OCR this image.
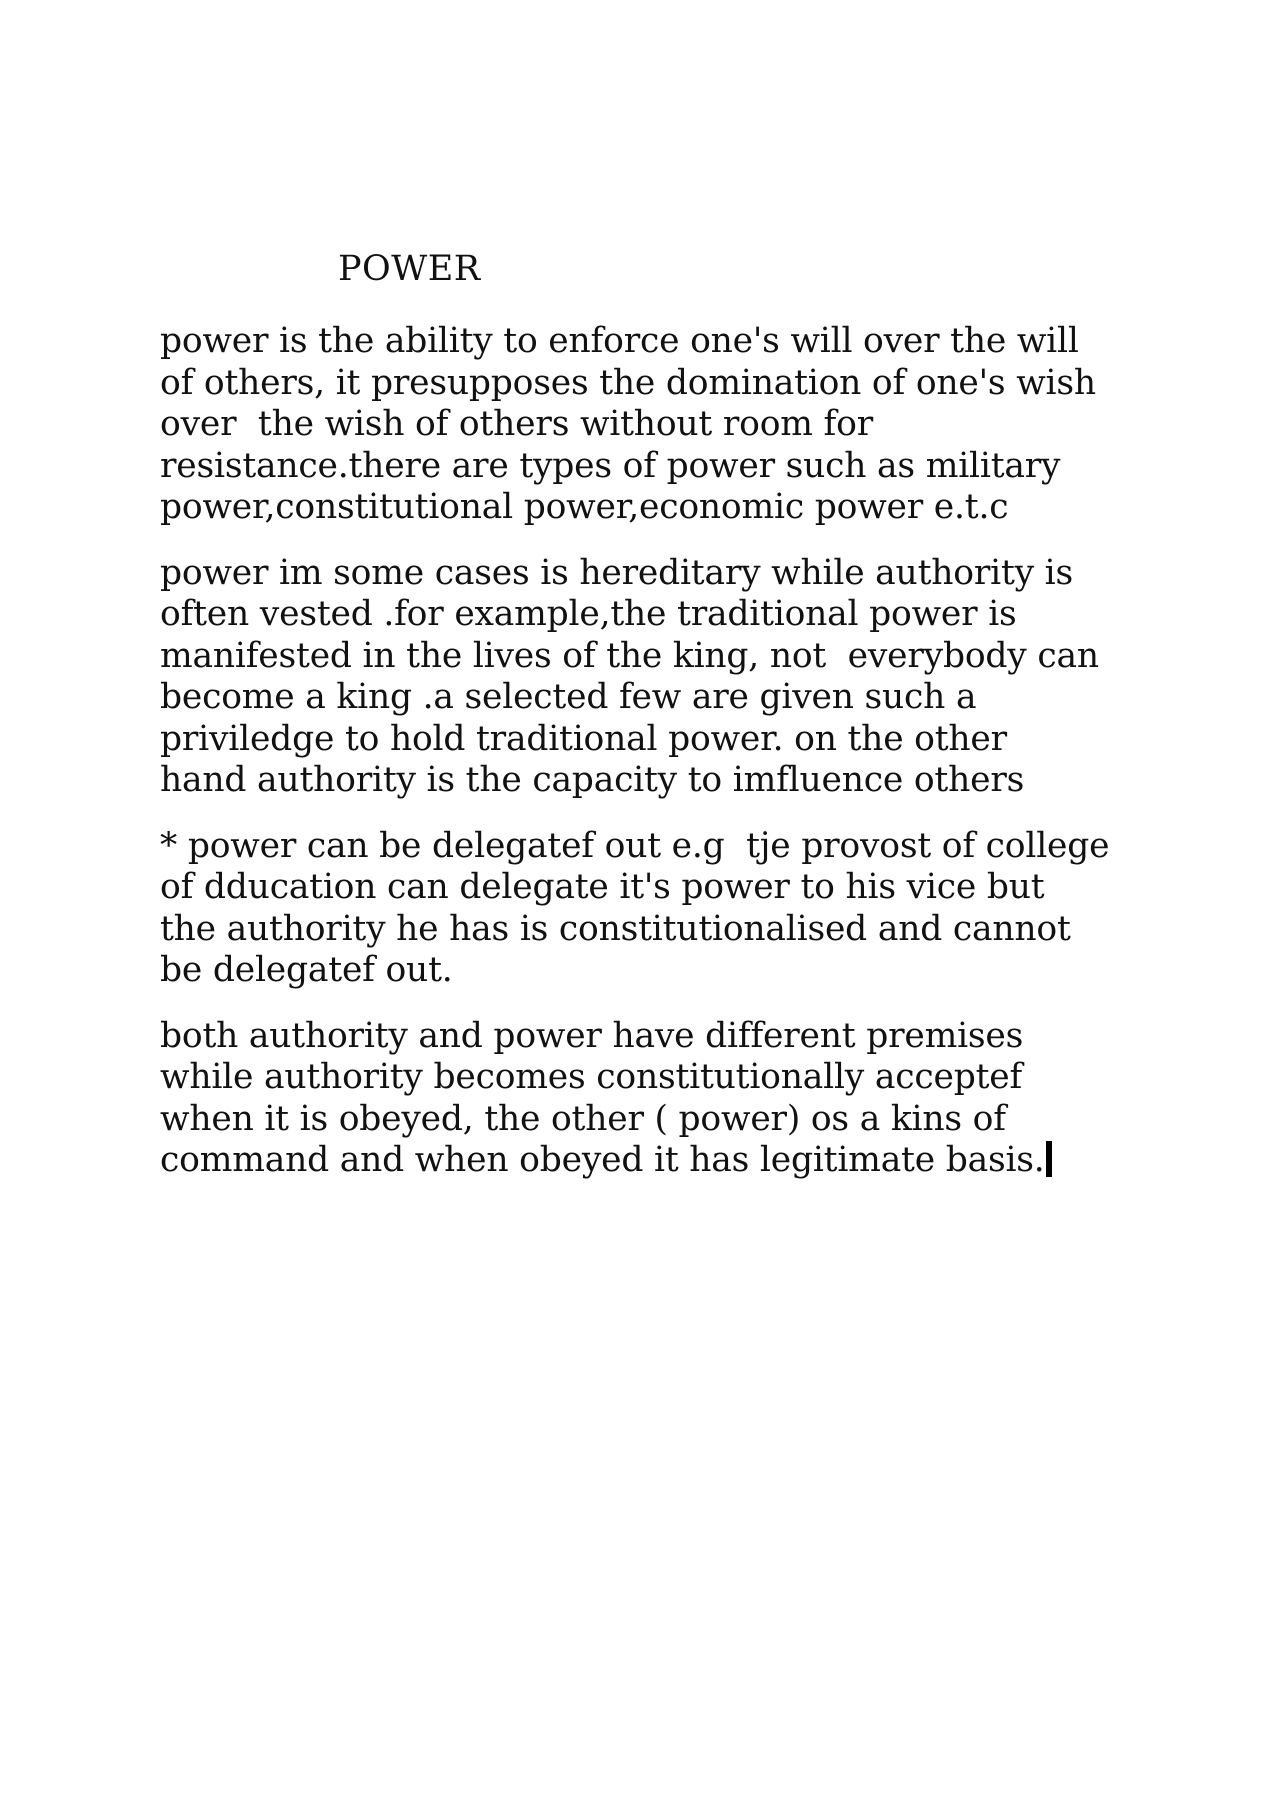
POWER
power is the ability to enforce one's will over the will
of others, it presupposes the domination of one's wish
over  the wish of others without room for
resistance.there are types of power such as military
power,constitutional power,economic power e.t.c
power im some cases is hereditary while authority is
often vested .for example,the traditional power is
manifested in the lives of the king, not  everybody can
become a king .a selected few are given such a
priviledge to hold traditional power. on the other
hand authority is the capacity to imfluence others
* power can be delegatef out e.g  tje provost of college
of dducation can delegate it's power to his vice but
the authority he has is constitutionalised and cannot
be delegatef out.
both authority and power have different premises
while authority becomes constitutionally acceptef
when it is obeyed, the other ( power) os a kins of
command and when obeyed it has legitimate basis.
